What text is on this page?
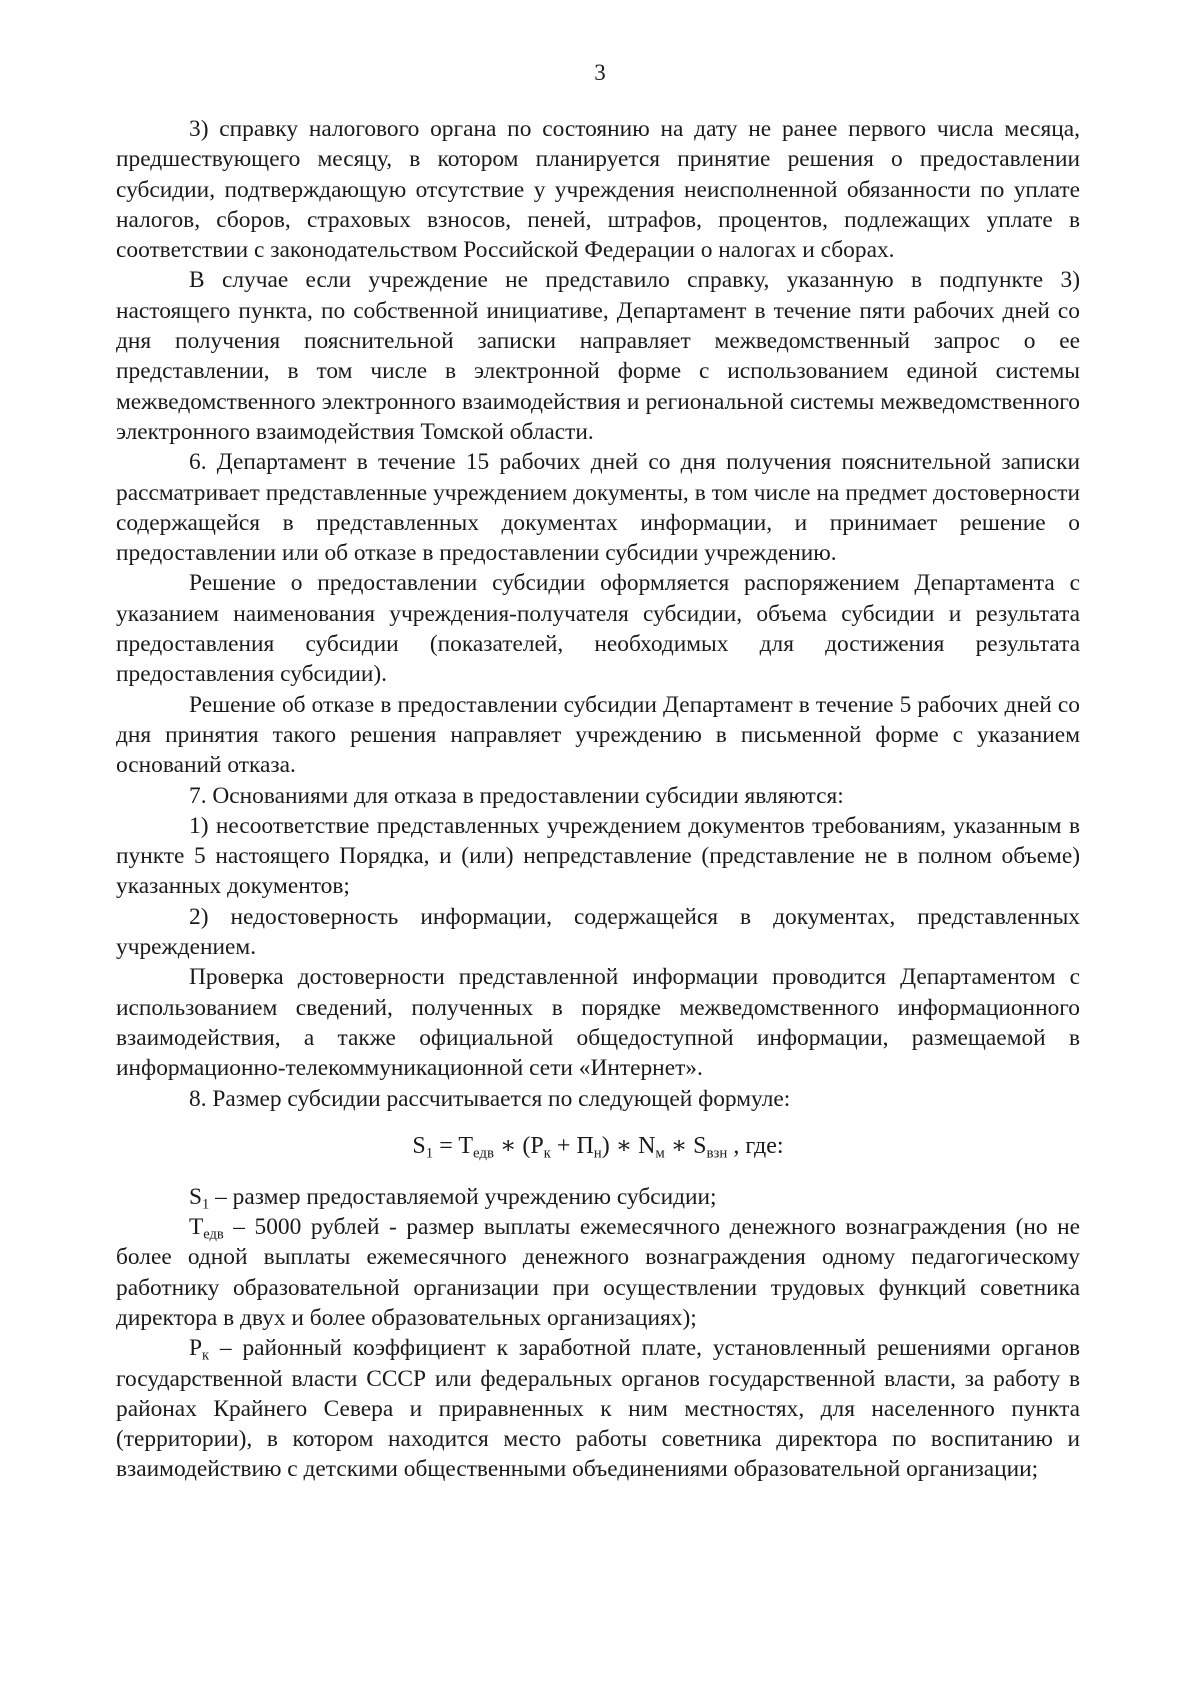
3

3) справку налогового органа по состоянию на дату не ранее первого числа месяца, предшествующего месяцу, в котором планируется принятие решения о предоставлении субсидии, подтверждающую отсутствие у учреждения неисполненной обязанности по уплате налогов, сборов, страховых взносов, пеней, штрафов, процентов, подлежащих уплате в соответствии с законодательством Российской Федерации о налогах и сборах.

В случае если учреждение не представило справку, указанную в подпункте 3) настоящего пункта, по собственной инициативе, Департамент в течение пяти рабочих дней со дня получения пояснительной записки направляет межведомственный запрос о ее представлении, в том числе в электронной форме с использованием единой системы межведомственного электронного взаимодействия и региональной системы межведомственного электронного взаимодействия Томской области.

6. Департамент в течение 15 рабочих дней со дня получения пояснительной записки рассматривает представленные учреждением документы, в том числе на предмет достоверности содержащейся в представленных документах информации, и принимает решение о предоставлении или об отказе в предоставлении субсидии учреждению.

Решение о предоставлении субсидии оформляется распоряжением Департамента с указанием наименования учреждения-получателя субсидии, объема субсидии и результата предоставления субсидии (показателей, необходимых для достижения результата предоставления субсидии).

Решение об отказе в предоставлении субсидии Департамент в течение 5 рабочих дней со дня принятия такого решения направляет учреждению в письменной форме с указанием оснований отказа.

7. Основаниями для отказа в предоставлении субсидии являются:

1) несоответствие представленных учреждением документов требованиям, указанным в пункте 5 настоящего Порядка, и (или) непредставление (представление не в полном объеме) указанных документов;

2) недостоверность информации, содержащейся в документах, представленных учреждением.

Проверка достоверности представленной информации проводится Департаментом с использованием сведений, полученных в порядке межведомственного информационного взаимодействия, а также официальной общедоступной информации, размещаемой в информационно-телекоммуникационной сети «Интернет».

8. Размер субсидии рассчитывается по следующей формуле:

$S_1 = T_{едв}$ ∗ $(P_к + П_н)$ ∗ $N_м$ ∗ $S_{взн}$ , где:

$S_1$ – размер предоставляемой учреждению субсидии;

$T_{едв} - 5000$ рублей - размер выплаты ежемесячного денежного вознаграждения (но не более одной выплаты ежемесячного денежного вознаграждения одному педагогическому работнику образовательной организации при осуществлении трудовых функций советника директора в двух и более образовательных организациях);

$P_к$ – районный коэффициент к заработной плате, установленный решениями органов государственной власти СССР или федеральных органов государственной власти, за работу в районах Крайнего Севера и приравненных к ним местностях, для населенного пункта (территории), в котором находится место работы советника директора по воспитанию и взаимодействию с детскими общественными объединениями образовательной организации;
